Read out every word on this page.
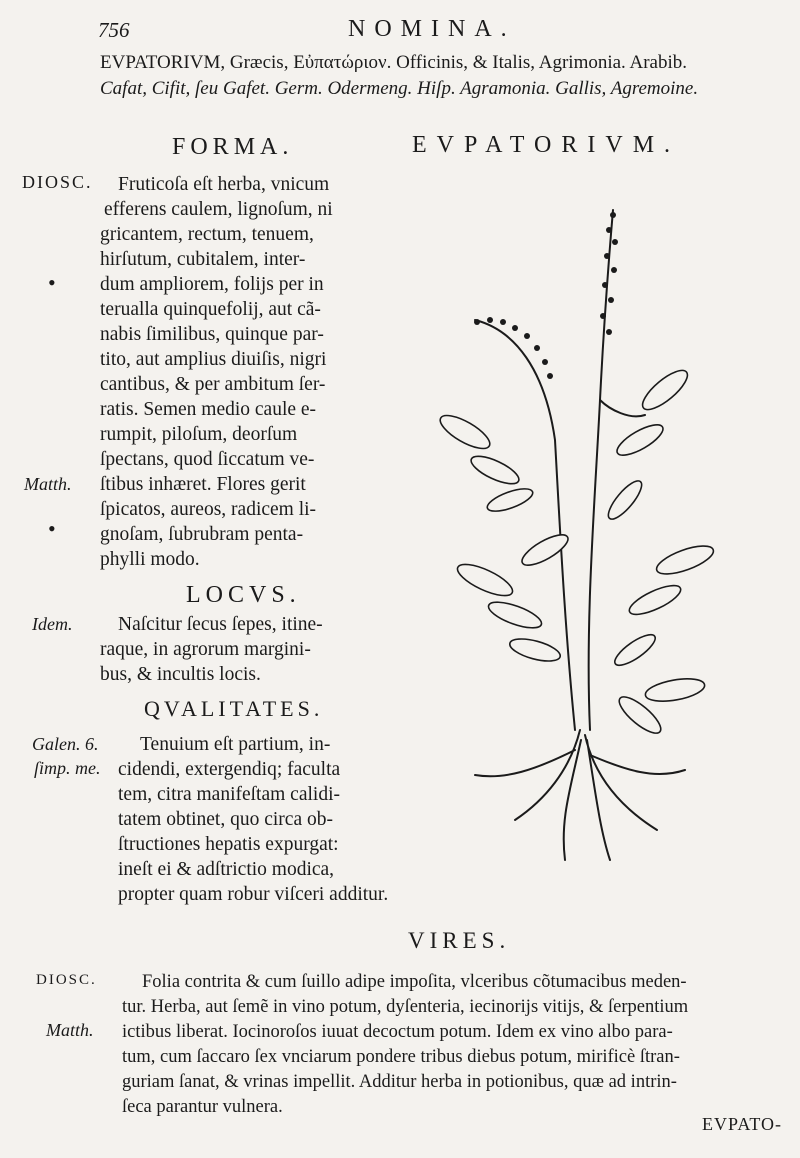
756	NOMINA.
EVPATORIVM, Græcis, Εὐπατώριον. Officinis, & Italis, Agrimonia. Arabib.
Cafat, Cifit, ſeu Gafet. Germ. Odermeng. Hiſp. Agramonia. Gallis, Agremoine.
FORMA.
DIOSC.
•
Matth.
•
Fruticoſa eſt herba, vnicum
efferens caulem, lignoſum, ni
gricantem, rectum, tenuem,
hirſutum, cubitalem, inter-
dum ampliorem, folijs per in
terualla quinquefolij, aut cã-
nabis ſimilibus, quinque par-
tito, aut amplius diuiſis, nigri
cantibus, & per ambitum ſer-
ratis. Semen medio caule e-
rumpit, piloſum, deorſum
ſpectans, quod ſiccatum ve-
ſtibus inhæret. Flores gerit
ſpicatos, aureos, radicem li-
gnoſam, ſubrubram penta-
phylli modo.
LOCVS.
Idem. Naſcitur ſecus ſepes, itine-
raque, in agrorum margini-
bus, & incultis locis.
QVALITATES.
Galen. 6.
ſimp. me.
Tenuium eſt partium, in-
cidendi, extergendiq; faculta
tem, citra manifeſtam calidi-
tatem obtinet, quo circa ob-
ſtructiones hepatis expurgat:
ineſt ei & adſtrictio modica,
propter quam robur viſceri additur.
EVPATORIVM.
VIRES.
DIOSC.
Matth.
Folia contrita & cum ſuillo adipe impoſita, vlceribus cõtumacibus meden-
tur. Herba, aut ſemẽ in vino potum, dyſenteria, iecinorijs vitijs, & ſerpentium
ictibus liberat. Iocinoroſos iuuat decoctum potum. Idem ex vino albo para-
tum, cum ſaccaro ſex vnciarum pondere tribus diebus potum, mirificè ſtran-
guriam ſanat, & vrinas impellit. Additur herba in potionibus, quæ ad intrin-
ſeca parantur vulnera.
EVPATO-
